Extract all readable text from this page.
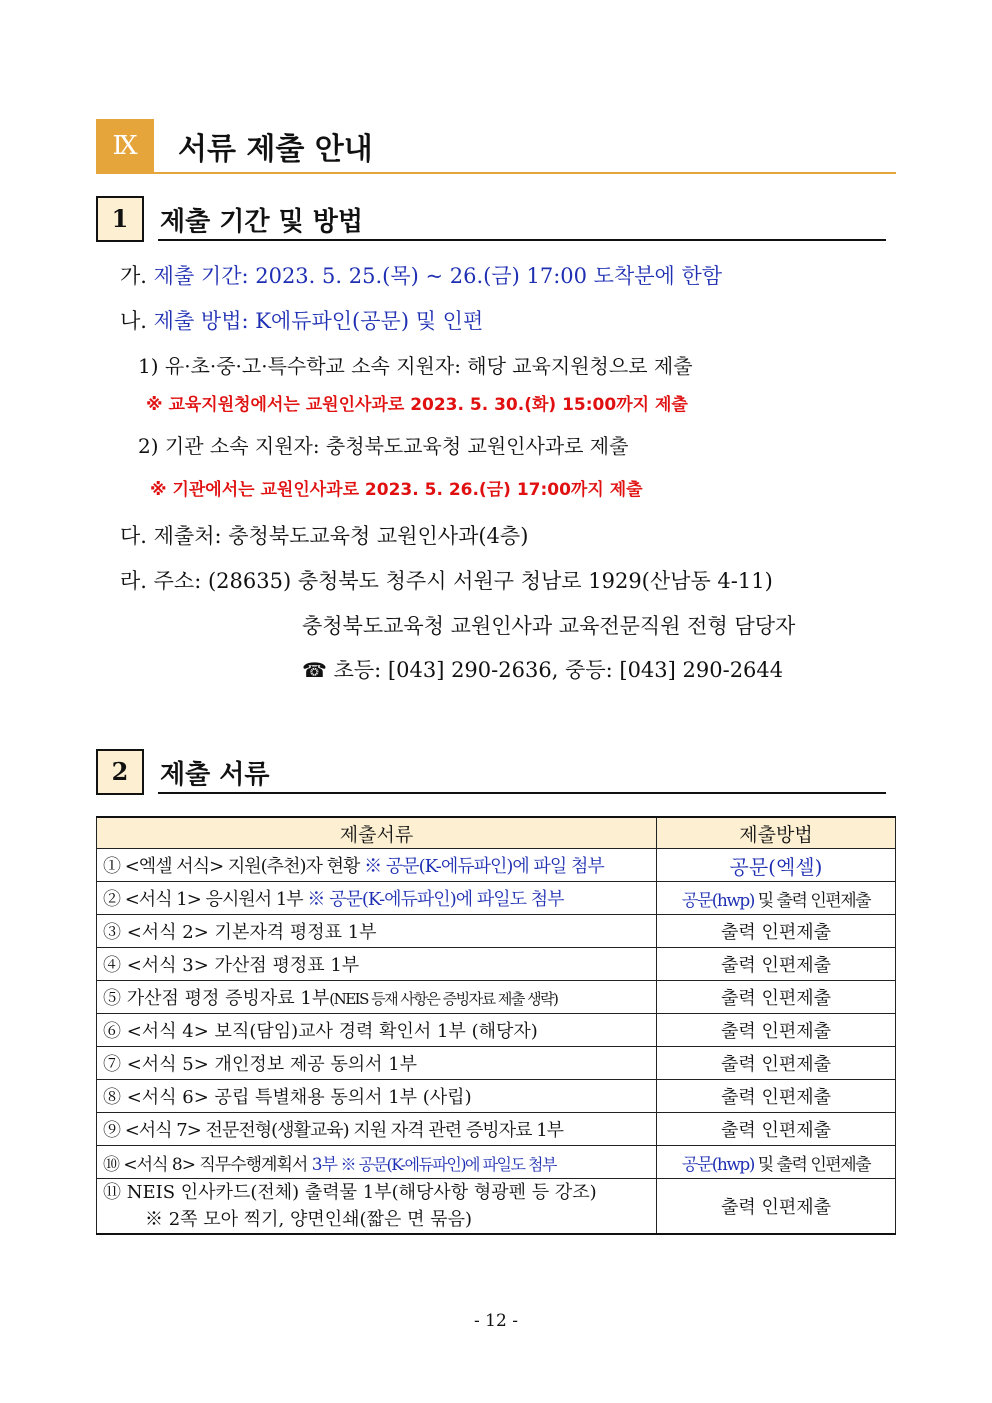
Ⅸ	서류 제출 안내
1	제출 기간 및 방법
가. 제출 기간: 2023. 5. 25.(목) ~ 26.(금) 17:00 도착분에 한함
나. 제출 방법: K에듀파인(공문) 및 인편
1) 유·초·중·고·특수학교 소속 지원자: 해당 교육지원청으로 제출
※ 교육지원청에서는 교원인사과로 2023. 5. 30.(화) 15:00까지 제출
2) 기관 소속 지원자: 충청북도교육청 교원인사과로 제출
※ 기관에서는 교원인사과로 2023. 5. 26.(금) 17:00까지 제출
다. 제출처: 충청북도교육청 교원인사과(4층)
라. 주소: (28635) 충청북도 청주시 서원구 청남로 1929(산남동 4-11)
충청북도교육청 교원인사과 교육전문직원 전형 담당자
☎ 초등: [043] 290-2636, 중등: [043] 290-2644
2	제출 서류
제출서류	제출방법
① <엑셀 서식> 지원(추천)자 현황 ※ 공문(K-에듀파인)에 파일 첨부	공문(엑셀)
② <서식 1> 응시원서 1부 ※ 공문(K-에듀파인)에 파일도 첨부	공문(hwp) 및 출력 인편제출
③ <서식 2> 기본자격 평정표 1부	출력 인편제출
④ <서식 3> 가산점 평정표 1부	출력 인편제출
⑤ 가산점 평정 증빙자료 1부(NEIS 등재 사항은 증빙자료 제출 생략)	출력 인편제출
⑥ <서식 4> 보직(담임)교사 경력 확인서 1부 (해당자)	출력 인편제출
⑦ <서식 5> 개인정보 제공 동의서 1부	출력 인편제출
⑧ <서식 6> 공립 특별채용 동의서 1부 (사립)	출력 인편제출
⑨ <서식 7> 전문전형(생활교육) 지원 자격 관련 증빙자료 1부	출력 인편제출
⑩ <서식 8> 직무수행계획서 3부 ※ 공문(K-에듀파인)에 파일도 첨부	공문(hwp) 및 출력 인편제출

⑪ NEIS 인사카드(전체) 출력물 1부(해당사항 형광펜 등 강조)
※ 2쪽 모아 찍기, 양면인쇄(짧은 면 묶음)	출력 인편제출
- 12 -
